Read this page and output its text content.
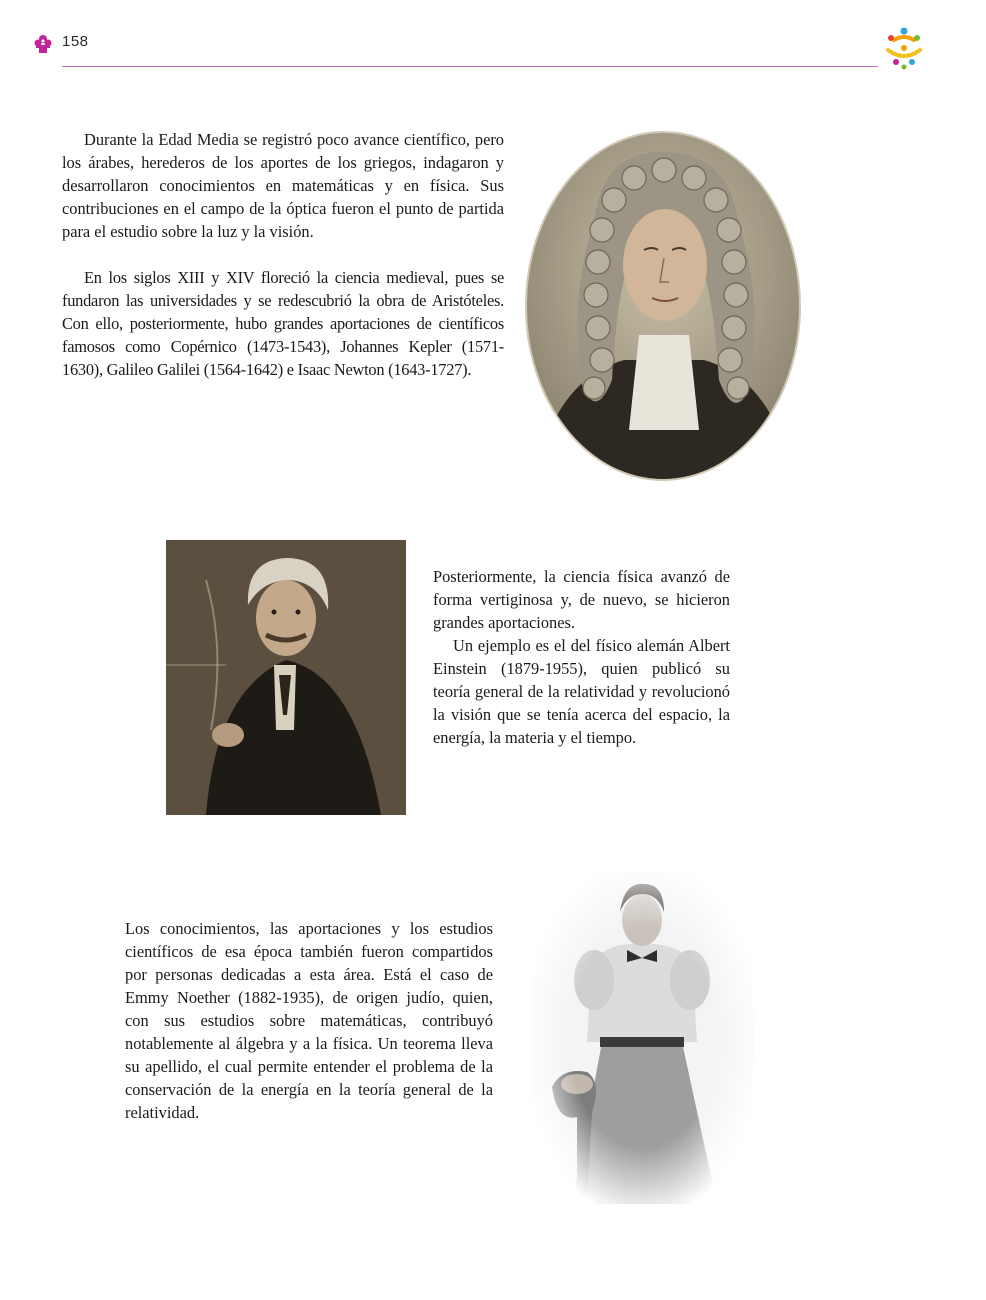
158

Durante la Edad Media se registró poco avance científico, pero los árabes, herederos de los aportes de los griegos, indagaron y desarrollaron conocimientos en matemáticas y en física. Sus contribuciones en el campo de la óptica fueron el punto de partida para el estudio sobre la luz y la visión.

En los siglos XIII y XIV floreció la ciencia medieval, pues se fundaron las universidades y se redescubrió la obra de Aristóteles. Con ello, posteriormente, hubo grandes aportaciones de científicos famosos como Copérnico (1473-1543), Johannes Kepler (1571-1630), Galileo Galilei (1564-1642) e Isaac Newton (1643-1727).

Posteriormente, la ciencia física avanzó de forma vertiginosa y, de nuevo, se hicieron grandes aportaciones.

Un ejemplo es el del físico alemán Albert Einstein (1879-1955), quien publicó su teoría general de la relatividad y revolucionó la visión que se tenía acerca del espacio, la energía, la materia y el tiempo.

Los conocimientos, las aportaciones y los estudios científicos de esa época también fueron compartidos por personas dedicadas a esta área. Está el caso de Emmy Noether (1882-1935), de origen judío, quien, con sus estudios sobre matemáticas, contribuyó notablemente al álgebra y a la física. Un teorema lleva su apellido, el cual permite entender el problema de la conservación de la energía en la teoría general de la relatividad.
